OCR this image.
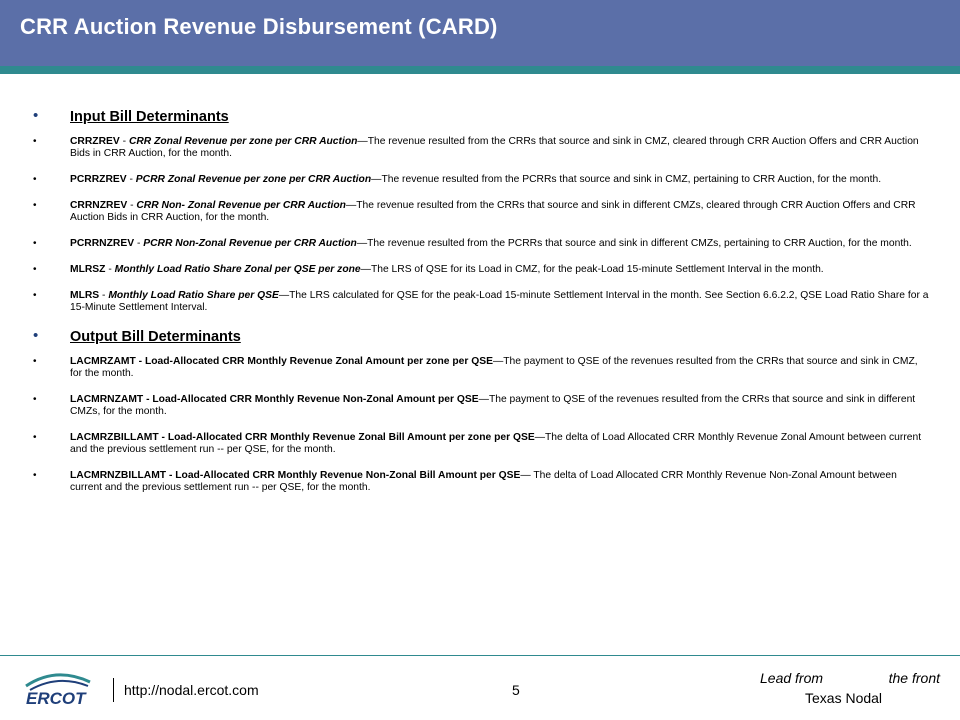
CRR Auction Revenue Disbursement (CARD)
• Input Bill Determinants
•	CRRZREV - CRR Zonal Revenue per zone per CRR Auction—The revenue resulted from the CRRs that source and sink in CMZ, cleared through CRR Auction Offers and CRR Auction Bids in CRR Auction, for the month.
•	PCRRZREV - PCRR Zonal Revenue per zone per CRR Auction—The revenue resulted from the PCRRs that source and sink in CMZ, pertaining to CRR Auction, for the month.
•	CRRNZREV - CRR Non- Zonal Revenue per CRR Auction—The revenue resulted from the CRRs that source and sink in different CMZs, cleared through CRR Auction Offers and CRR Auction Bids in CRR Auction, for the month.
•	PCRRNZREV - PCRR Non-Zonal Revenue per CRR Auction—The revenue resulted from the PCRRs that source and sink in different CMZs, pertaining to CRR Auction, for the month.
•	MLRSZ - Monthly Load Ratio Share Zonal per QSE per zone—The LRS of QSE for its Load in CMZ, for the peak-Load 15-minute Settlement Interval in the month.
•	MLRS - Monthly Load Ratio Share per QSE—The LRS calculated for QSE for the peak-Load 15-minute Settlement Interval in the month. See Section 6.6.2.2, QSE Load Ratio Share for a 15-Minute Settlement Interval.
• Output Bill Determinants
•	LACMRZAMT - Load-Allocated CRR Monthly Revenue Zonal Amount per zone per QSE—The payment to QSE of the revenues resulted from the CRRs that source and sink in CMZ, for the month.
•	LACMRNZAMT - Load-Allocated CRR Monthly Revenue Non-Zonal Amount per QSE—The payment to QSE of the revenues resulted from the CRRs that source and sink in different CMZs, for the month.
•	LACMRZBILLAMT - Load-Allocated CRR Monthly Revenue Zonal Bill Amount per zone per QSE—The delta of Load Allocated CRR Monthly Revenue Zonal Amount between current and the previous settlement run -- per QSE, for the month.
•	LACMRNZBILLAMT - Load-Allocated CRR Monthly Revenue Non-Zonal Bill Amount per QSE— The delta of Load Allocated CRR Monthly Revenue Non-Zonal Amount between current and the previous settlement run -- per QSE, for the month.
ERCOT	http://nodal.ercot.com	5
Lead from	the front
Texas Nodal
